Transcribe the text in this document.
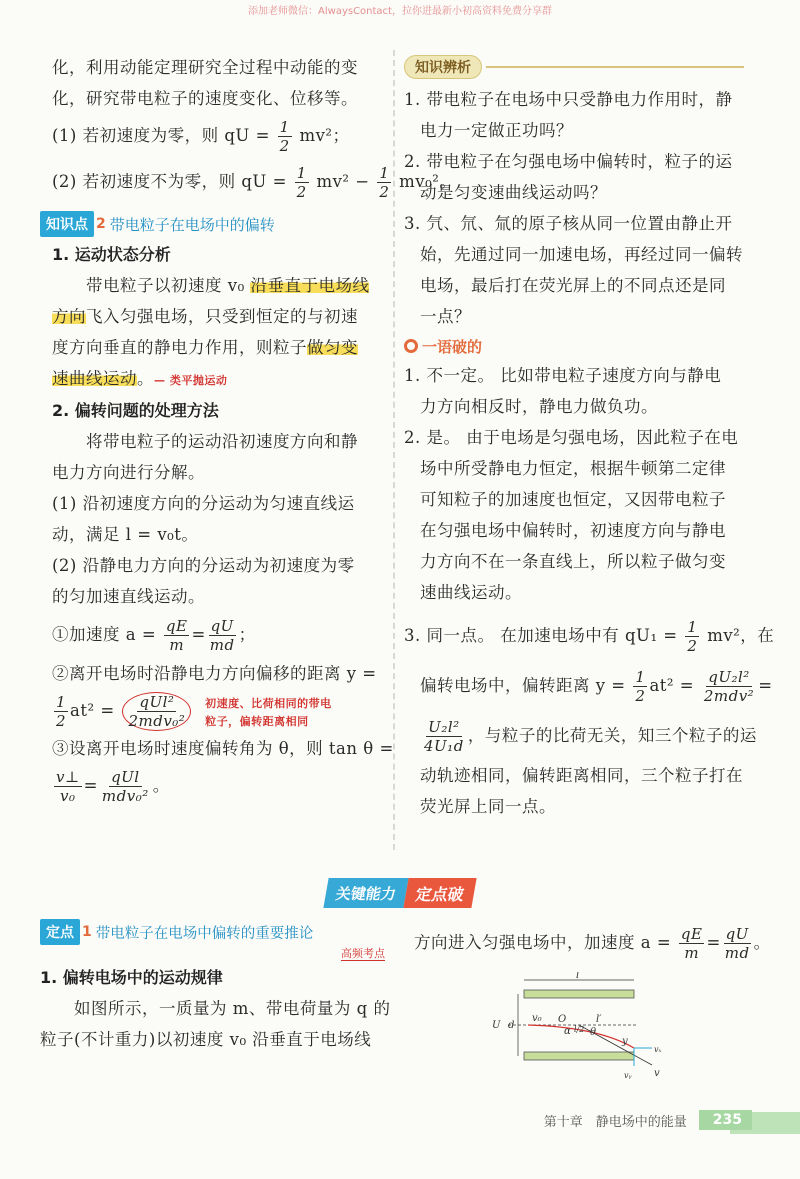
添加老师微信：AlwaysContact，拉你进最新小初高资料免费分享群

化，利用动能定理研究全过程中动能的变

化，研究带电粒子的速度变化、位移等。

(1) 若初速度为零，则 qU = $\frac{1}{2} mv^2$；

(2) 若初速度不为零，则 qU = $\frac{1}{2} mv^2 - \frac{1}{2} mv_0^2$。

知识点 2 带电粒子在电场中的偏转

1. 运动状态分析

带电粒子以初速度 v₀ 沿垂直于电场线

方向飞入匀强电场，只受到恒定的与初速

度方向垂直的静电力作用，则粒子做匀变

速曲线运动。— 类平抛运动

2. 偏转问题的处理方法

将带电粒子的运动沿初速度方向和静

电力方向进行分解。

(1) 沿初速度方向的分运动为匀速直线运

动，满足 l = v₀t。

(2) 沿静电力方向的分运动为初速度为零

的匀加速直线运动。

①加速度 $a = \frac{qE}{m} = \frac{qU}{md}$ ；

②离开电场时沿静电力方向偏移的距离 y =

$\frac{1}{2} at^2 = \frac{\text{qUl²}}{\text{2mdv₀²}}$ 初速度、比荷相同的带电
粒子，偏转距离相同

③设离开电场时速度偏转角为 θ，则 tan θ =

$\frac{v\perp}{\text{v₀}} = \frac{\text{qUl}}{\text{mdv₀²}}$ 。

知识辨析

1. 带电粒子在电场中只受静电力作用时，静

电力一定做正功吗？

2. 带电粒子在匀强电场中偏转时，粒子的运

动是匀变速曲线运动吗？

3. 氕、氘、氚的原子核从同一位置由静止开

始，先通过同一加速电场，再经过同一偏转

电场，最后打在荧光屏上的不同点还是同

一点？

一语破的

1. 不一定。 比如带电粒子速度方向与静电

力方向相反时，静电力做负功。

2. 是。 由于电场是匀强电场，因此粒子在电

场中所受静电力恒定，根据牛顿第二定律

可知粒子的加速度也恒定，又因带电粒子

在匀强电场中偏转时，初速度方向与静电

力方向不在一条直线上，所以粒子做匀变

速曲线运动。

3. 同一点。 在加速电场中有 $qU_1 = \frac{1}{2} mv^2$，在

偏转电场中，偏转距离 $y = \frac{1}{2} at^2 = \frac{\text{qU₂l²}}{\text{2mdv²}}$ =

$\frac{\text{U₂l²}}{\text{4U₁d}}$ ，与粒子的比荷无关，知三个粒子的运

动轨迹相同，偏转距离相同，三个粒子打在

荧光屏上同一点。

关键能力	定点破
定点 1 带电粒子在电场中偏转的重要推论
高频考点

1. 偏转电场中的运动规律

如图所示，一质量为 m、带电荷量为 q 的

粒子(不计重力)以初速度 v₀ 沿垂直于电场线

方向进入匀强电场中，加速度 $a = \frac{qE}{m} = \frac{qU}{md}$ 。

l
U d
v₀ O
α θ
l/2
l′
y
vₓ
vᵧ v
第十章　静电场中的能量	235
